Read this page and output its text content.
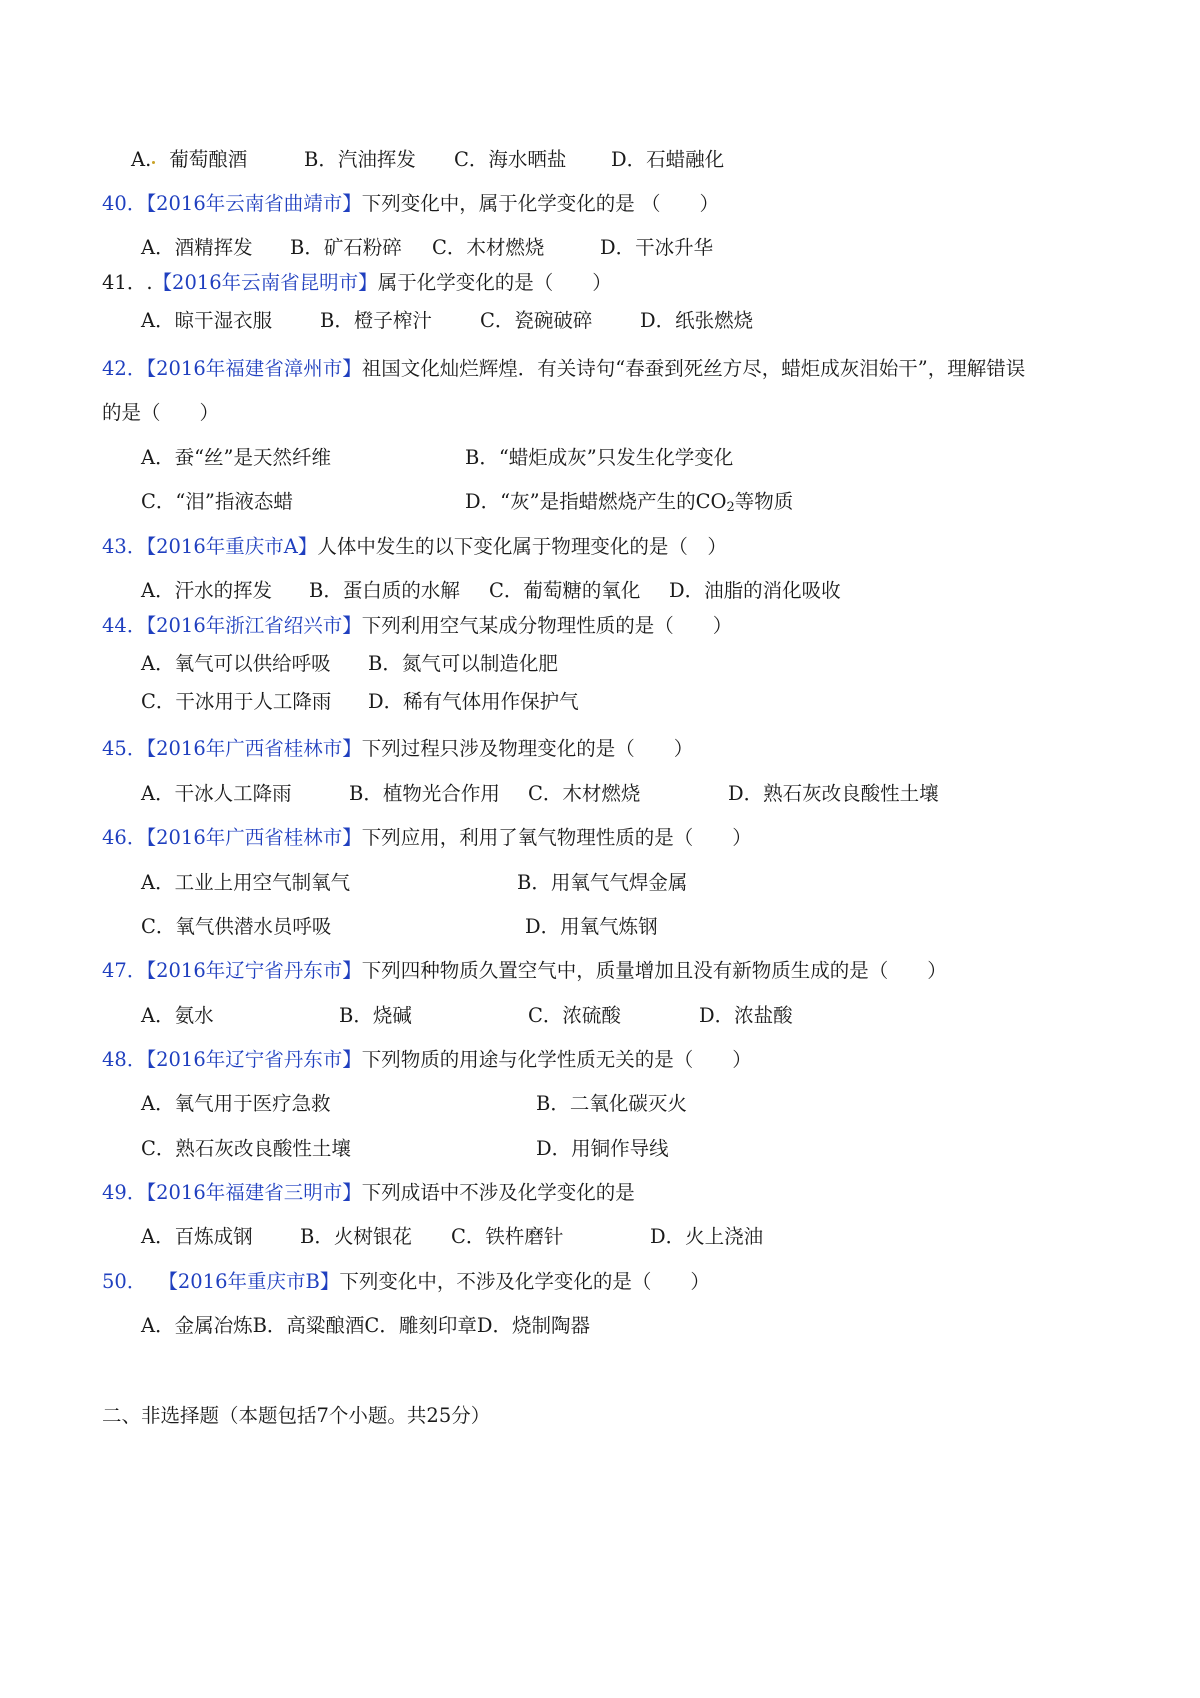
A. 葡萄酿酒	B．汽油挥发 C．海水晒盐 D．石蜡融化
40．【2016年云南省曲靖市】下列变化中，属于化学变化的是 （　　）
A．酒精挥发 B．矿石粉碎 C．木材燃烧	D．干冰升华
41．.【2016年云南省昆明市】属于化学变化的是（　　）
A．晾干湿衣服 B．橙子榨汁 C．瓷碗破碎 D．纸张燃烧
42．【2016年福建省漳州市】祖国文化灿烂辉煌．有关诗句“春蚕到死丝方尽，蜡炬成灰泪始干”，理解错误
的是（　　）
A．蚕“丝”是天然纤维	B．“蜡炬成灰”只发生化学变化
C．“泪”指液态蜡	D．“灰”是指蜡燃烧产生的$CO_2$等物质
43．【2016年重庆市A】人体中发生的以下变化属于物理变化的是（　）
A．汗水的挥发 B．蛋白质的水解 C．葡萄糖的氧化 D．油脂的消化吸收
44．【2016年浙江省绍兴市】下列利用空气某成分物理性质的是（　　）
A．氧气可以供给呼吸 B．氮气可以制造化肥
C．干冰用于人工降雨 D．稀有气体用作保护气
45．【2016年广西省桂林市】下列过程只涉及物理变化的是（　　）
A．干冰人工降雨	B．植物光合作用 C．木材燃烧	D．熟石灰改良酸性土壤
46．【2016年广西省桂林市】下列应用，利用了氧气物理性质的是（　　）
A．工业上用空气制氧气	B．用氧气气焊金属
C．氧气供潜水员呼吸	D．用氧气炼钢
47．【2016年辽宁省丹东市】下列四种物质久置空气中，质量增加且没有新物质生成的是（　　）
A．氨水	B．烧碱	C．浓硫酸	D．浓盐酸
48．【2016年辽宁省丹东市】下列物质的用途与化学性质无关的是（　　）
A．氧气用于医疗急救	B．二氧化碳灭火
C．熟石灰改良酸性土壤	D．用铜作导线
49．【2016年福建省三明市】下列成语中不涉及化学变化的是
A．百炼成钢 B．火树银花 C．铁杵磨针	D．火上浇油
50． 【2016年重庆市B】下列变化中，不涉及化学变化的是（　　）
A．金属冶炼B．高粱酿酒C．雕刻印章D．烧制陶器
二、非选择题（本题包括7个小题。共25分）
